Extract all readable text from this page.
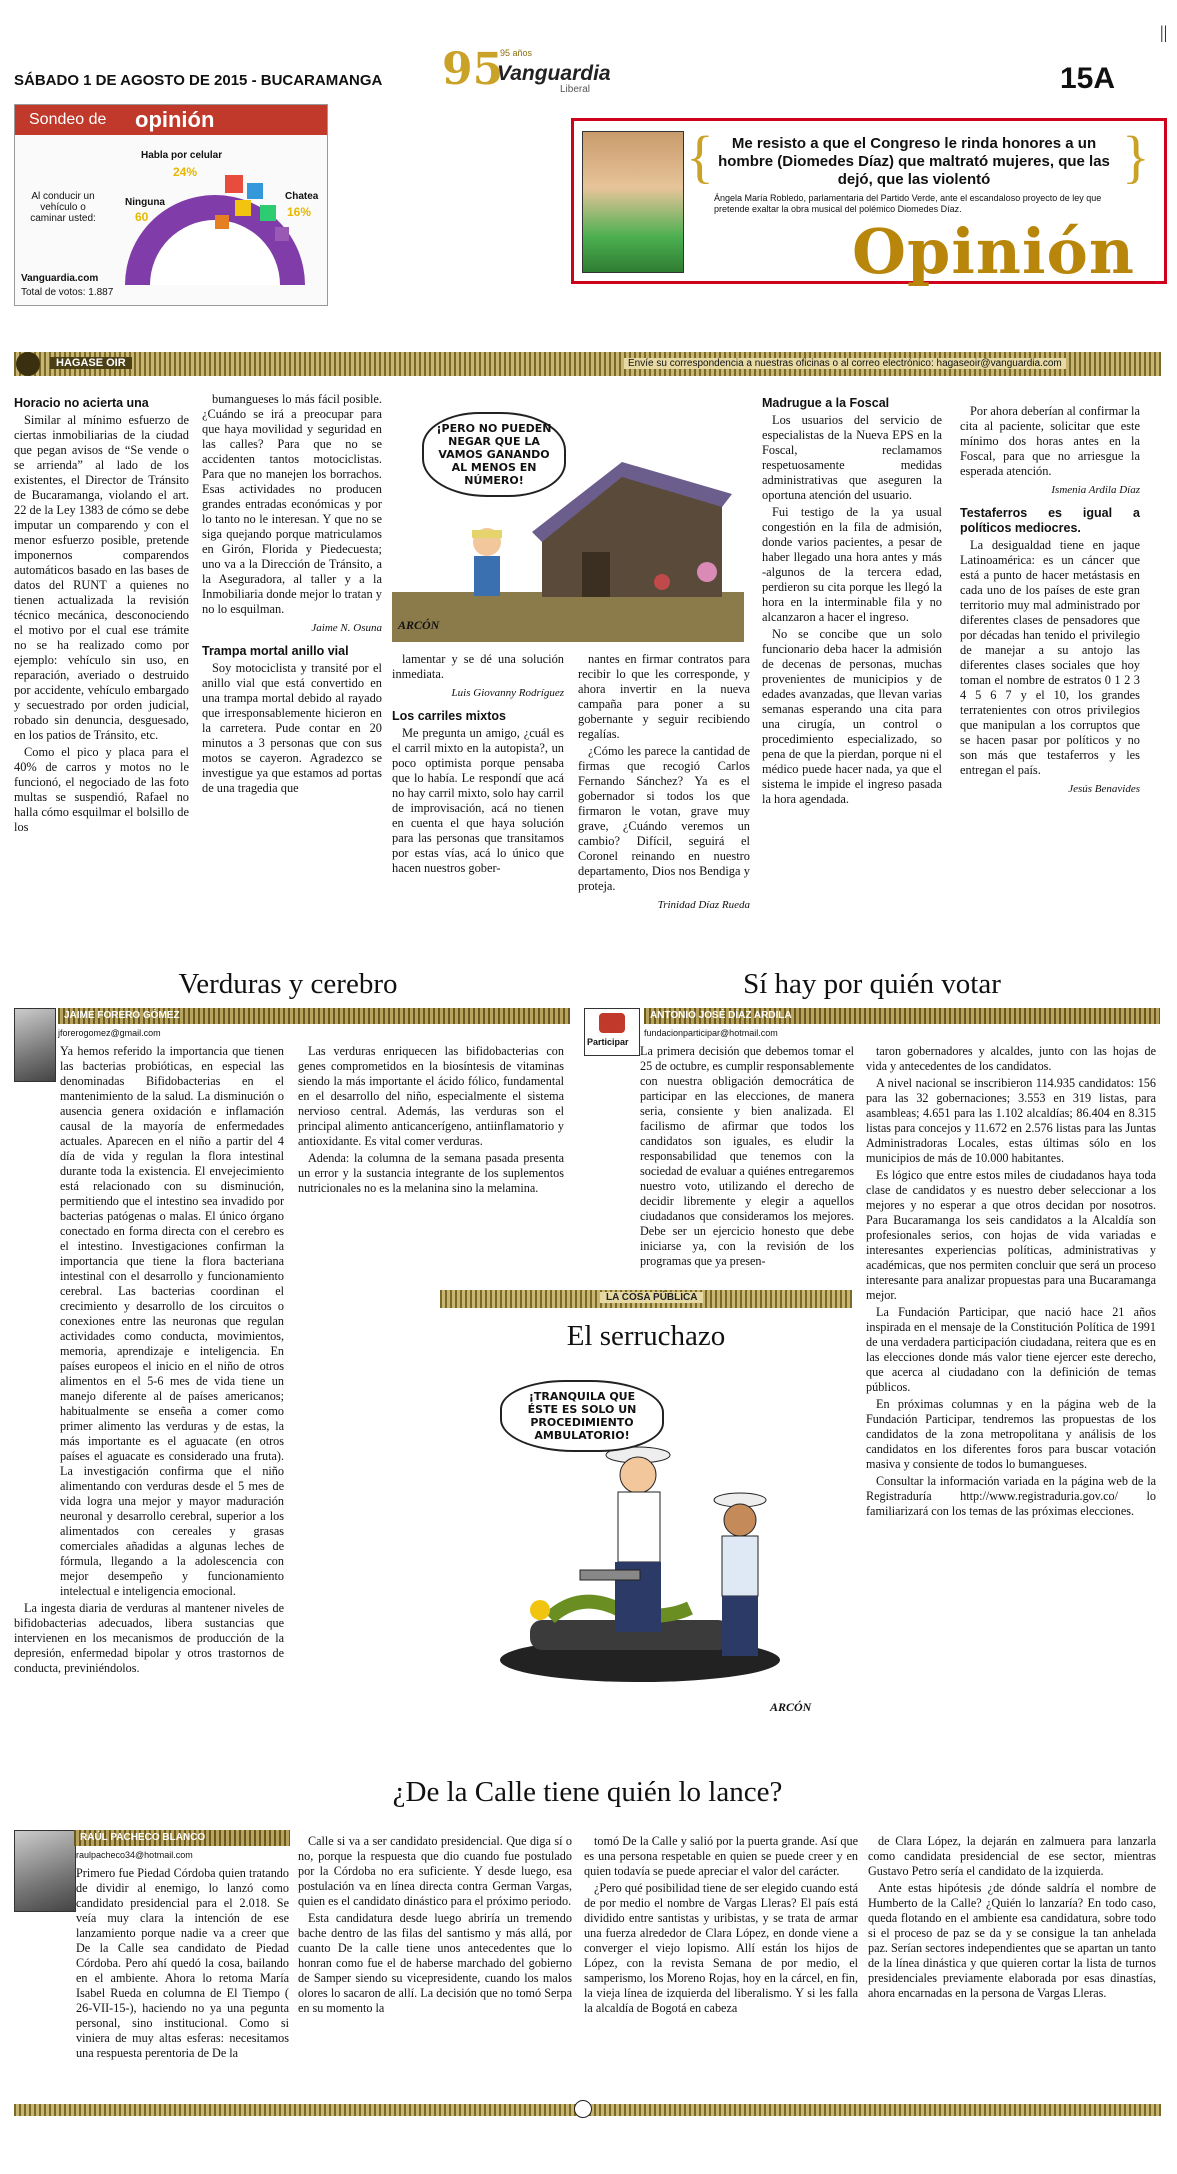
SÁBADO 1 DE AGOSTO DE 2015 - BUCARAMANGA 95
Vanguardia
Liberal
95 años
15A
||
Sondeo de opinión
Al conducir un vehículo o caminar usted:
Habla por celular
24%
Ninguna
60
Chatea
16%
Vanguardia.com
Total de votos: 1.887
{	}
Me resisto a que el Congreso le rinda honores a un hombre (Diomedes Díaz) que maltrató mujeres, que las dejó, que las violentó
Ángela María Robledo, parlamentaria del Partido Verde, ante el escandaloso proyecto de ley que pretende exaltar la obra musical del polémico Diomedes Díaz.
Opinión
HAGASE OIR	Envíe su correspondencia a nuestras oficinas o al correo electrónico: hagaseoir@vanguardia.com
Horacio no acierta una

Similar al mínimo esfuerzo de ciertas inmobiliarias de la ciudad que pegan avisos de “Se vende o se arrienda” al lado de los existentes, el Director de Tránsito de Bucaramanga, violando el art. 22 de la Ley 1383 de cómo se debe imputar un comparendo y con el menor esfuerzo posible, pretende imponernos comparendos automáticos basado en las bases de datos del RUNT a quienes no tienen actualizada la revisión técnico mecánica, desconociendo el motivo por el cual ese trámite no se ha realizado como por ejemplo: vehículo sin uso, en reparación, averiado o destruido por accidente, vehículo embargado y secuestrado por orden judicial, robado sin denuncia, desguesado, en los patios de Tránsito, etc.

Como el pico y placa para el 40% de carros y motos no le funcionó, el negociado de las foto multas se suspendió, Rafael no halla cómo esquilmar el bolsillo de los

bumangueses lo más fácil posible. ¿Cuándo se irá a preocupar para que haya movilidad y seguridad en las calles? Para que no se accidenten tantos motociclistas. Para que no manejen los borrachos. Esas actividades no producen grandes entradas económicas y por lo tanto no le interesan. Y que no se siga quejando porque matriculamos en Girón, Florida y Piedecuesta; uno va a la Dirección de Tránsito, a la Aseguradora, al taller y a la Inmobiliaria donde mejor lo tratan y no lo esquilman.

Jaime N. Osuna
Trampa mortal anillo vial

Soy motociclista y transité por el anillo vial que está convertido en una trampa mortal debido al rayado que irresponsablemente hicieron en la carretera. Pude contar en 20 minutos a 3 personas que con sus motos se cayeron. Agradezco se investigue ya que estamos ad portas de una tragedia que

¡PERO NO PUEDEN NEGAR QUE LA VAMOS GANANDO AL MENOS EN NÚMERO!
ARCÓN

lamentar y se dé una solución inmediata.

Luis Giovanny Rodríguez
Los carriles mixtos

Me pregunta un amigo, ¿cuál es el carril mixto en la autopista?, un poco optimista porque pensaba que lo había. Le respondí que acá no hay carril mixto, solo hay carril de improvisación, acá no tienen en cuenta el que haya solución para las personas que transitamos por estas vías, acá lo único que hacen nuestros gober-

nantes en firmar contratos para recibir lo que les corresponde, y ahora invertir en la nueva campaña para poner a su gobernante y seguir recibiendo regalías.

¿Cómo les parece la cantidad de firmas que recogió Carlos Fernando Sánchez? Ya es el gobernador si todos los que firmaron le votan, grave muy grave, ¿Cuándo veremos un cambio? Difícil, seguirá el Coronel reinando en nuestro departamento, Dios nos Bendiga y proteja.

Trinidad Díaz Rueda
Madrugue a la Foscal

Los usuarios del servicio de especialistas de la Nueva EPS en la Foscal, reclamamos respetuosamente medidas administrativas que aseguren la oportuna atención del usuario.

Fui testigo de la ya usual congestión en la fila de admisión, donde varios pacientes, a pesar de haber llegado una hora antes y más -algunos de la tercera edad, perdieron su cita porque les llegó la hora en la interminable fila y no alcanzaron a hacer el ingreso.

No se concibe que un solo funcionario deba hacer la admisión de decenas de personas, muchas provenientes de municipios y de edades avanzadas, que llevan varias semanas esperando una cita para una cirugía, un control o procedimiento especializado, so pena de que la pierdan, porque ni el médico puede hacer nada, ya que el sistema le impide el ingreso pasada la hora agendada.

Por ahora deberían al confirmar la cita al paciente, solicitar que este mínimo dos horas antes en la Foscal, para que no arriesgue la esperada atención.

Ismenia Ardila Díaz
Testaferros es igual a políticos mediocres.

La desigualdad tiene en jaque Latinoamérica: es un cáncer que está a punto de hacer metástasis en cada uno de los países de este gran territorio muy mal administrado por diferentes clases de pensadores que por décadas han tenido el privilegio de manejar a su antojo las diferentes clases sociales que hoy toman el nombre de estratos 0 1 2 3 4 5 6 7 y el 10, los grandes terratenientes con otros privilegios que manipulan a los corruptos que se hacen pasar por políticos y no son más que testaferros y les entregan el país.

Jesús Benavides
Verduras y cerebro
JAIME FORERO GÓMEZ
jforerogomez@gmail.com

Ya hemos referido la importancia que tienen las bacterias probióticas, en especial las denominadas Bifidobacterias en el mantenimiento de la salud. La disminución o ausencia genera oxidación e inflamación causal de la mayoría de enfermedades actuales. Aparecen en el niño a partir del 4 día de vida y regulan la flora intestinal durante toda la existencia. El envejecimiento está relacionado con su disminución, permitiendo que el intestino sea invadido por bacterias patógenas o malas. El único órgano conectado en forma directa con el cerebro es el intestino. Investigaciones confirman la importancia que tiene la flora bacteriana intestinal con el desarrollo y funcionamiento cerebral. Las bacterias coordinan el crecimiento y desarrollo de los circuitos o conexiones entre las neuronas que regulan actividades como conducta, movimientos, memoria, aprendizaje e inteligencia. En países europeos el inicio en el niño de otros alimentos en el 5-6 mes de vida tiene un manejo diferente al de países americanos; habitualmente se enseña a comer como primer alimento las verduras y de estas, la más importante es el aguacate (en otros países el aguacate es considerado una fruta). La investigación confirma que el niño alimentando con verduras desde el 5 mes de vida logra una mejor y mayor maduración neuronal y desarrollo cerebral, superior a los alimentados con cereales y grasas comerciales añadidas a algunas leches de fórmula, llegando a la adolescencia con mejor desempeño y funcionamiento intelectual e inteligencia emocional.

La ingesta diaria de verduras al mantener niveles de bifidobacterias adecuados, libera sustancias que intervienen en los mecanismos de producción de la depresión, enfermedad bipolar y otros trastornos de conducta, previniéndolos.

Las verduras enriquecen las bifidobacterias con genes comprometidos en la biosíntesis de vitaminas siendo la más importante el ácido fólico, fundamental en el desarrollo del niño, especialmente el sistema nervioso central. Además, las verduras son el principal alimento anticancerígeno, antiinflamatorio y antioxidante. Es vital comer verduras.

Adenda: la columna de la semana pasada presenta un error y la sustancia integrante de los suplementos nutricionales no es la melanina sino la melamina.

Sí hay por quién votar
Participar
ANTONIO JOSÉ DÍAZ ARDILA
fundacionparticipar@hotmail.com

La primera decisión que debemos tomar el 25 de octubre, es cumplir responsablemente con nuestra obligación democrática de participar en las elecciones, de manera seria, consiente y bien analizada. El facilismo de afirmar que todos los candidatos son iguales, es eludir la responsabilidad que tenemos con la sociedad de evaluar a quiénes entregaremos nuestro voto, utilizando el derecho de decidir libremente y elegir a aquellos ciudadanos que consideramos los mejores. Debe ser un ejercicio honesto que debe iniciarse ya, con la revisión de los programas que ya presen-

taron gobernadores y alcaldes, junto con las hojas de vida y antecedentes de los candidatos.

A nivel nacional se inscribieron 114.935 candidatos: 156 para las 32 gobernaciones; 3.553 en 319 listas, para asambleas; 4.651 para las 1.102 alcaldías; 86.404 en 8.315 listas para concejos y 11.672 en 2.576 listas para las Juntas Administradoras Locales, estas últimas sólo en los municipios de más de 10.000 habitantes.

Es lógico que entre estos miles de ciudadanos haya toda clase de candidatos y es nuestro deber seleccionar a los mejores y no esperar a que otros decidan por nosotros. Para Bucaramanga los seis candidatos a la Alcaldía son profesionales serios, con hojas de vida variadas e interesantes experiencias políticas, administrativas y académicas, que nos permiten concluir que será un proceso interesante para analizar propuestas para una Bucaramanga mejor.

La Fundación Participar, que nació hace 21 años inspirada en el mensaje de la Constitución Política de 1991 de una verdadera participación ciudadana, reitera que es en las elecciones donde más valor tiene ejercer este derecho, que acerca al ciudadano con la definición de temas públicos.

En próximas columnas y en la página web de la Fundación Participar, tendremos las propuestas de los candidatos de la zona metropolitana y análisis de los candidatos en los diferentes foros para buscar votación masiva y consiente de todos lo bumangueses.

Consultar la información variada en la página web de la Registraduría http://www.registraduria.gov.co/ lo familiarizará con los temas de las próximas elecciones.

LA COSA PÚBLICA
El serruchazo
¡TRANQUILA QUE ÉSTE ES SOLO UN PROCEDIMIENTO AMBULATORIO!
ARCÓN
¿De la Calle tiene quién lo lance?
RAÚL PACHECO BLANCO
raulpacheco34@hotmail.com

Primero fue Piedad Córdoba quien tratando de dividir al enemigo, lo lanzó como candidato presidencial para el 2.018. Se veía muy clara la intención de ese lanzamiento porque nadie va a creer que De la Calle sea candidato de Piedad Córdoba. Pero ahí quedó la cosa, bailando en el ambiente. Ahora lo retoma María Isabel Rueda en columna de El Tiempo ( 26-VII-15-), haciendo no ya una pegunta personal, sino institucional. Como si viniera de muy altas esferas: necesitamos una respuesta perentoria de De la

Calle si va a ser candidato presidencial. Que diga sí o no, porque la respuesta que dio cuando fue postulado por la Córdoba no era suficiente. Y desde luego, esa postulación va en línea directa contra German Vargas, quien es el candidato dinástico para el próximo periodo.

Esta candidatura desde luego abriría un tremendo bache dentro de las filas del santismo y más allá, por cuanto De la calle tiene unos antecedentes que lo honran como fue el de haberse marchado del gobierno de Samper siendo su vicepresidente, cuando los malos olores lo sacaron de allí. La decisión que no tomó Serpa en su momento la

tomó De la Calle y salió por la puerta grande. Así que es una persona respetable en quien se puede creer y en quien todavía se puede apreciar el valor del carácter.

¿Pero qué posibilidad tiene de ser elegido cuando está de por medio el nombre de Vargas Lleras? El país está dividido entre santistas y uribistas, y se trata de armar una fuerza alrededor de Clara López, en donde viene a converger el viejo lopismo. Allí están los hijos de López, con la revista Semana de por medio, el samperismo, los Moreno Rojas, hoy en la cárcel, en fin, la vieja línea de izquierda del liberalismo. Y si les falla la alcaldía de Bogotá en cabeza

de Clara López, la dejarán en zalmuera para lanzarla como candidata presidencial de ese sector, mientras Gustavo Petro sería el candidato de la izquierda.

Ante estas hipótesis ¿de dónde saldría el nombre de Humberto de la Calle? ¿Quién lo lanzaría? En todo caso, queda flotando en el ambiente esa candidatura, sobre todo si el proceso de paz se da y se consigue la tan anhelada paz. Serían sectores independientes que se apartan un tanto de la línea dinástica y que quieren cortar la lista de turnos presidenciales previamente elaborada por esas dinastías, ahora encarnadas en la persona de Vargas Lleras.
